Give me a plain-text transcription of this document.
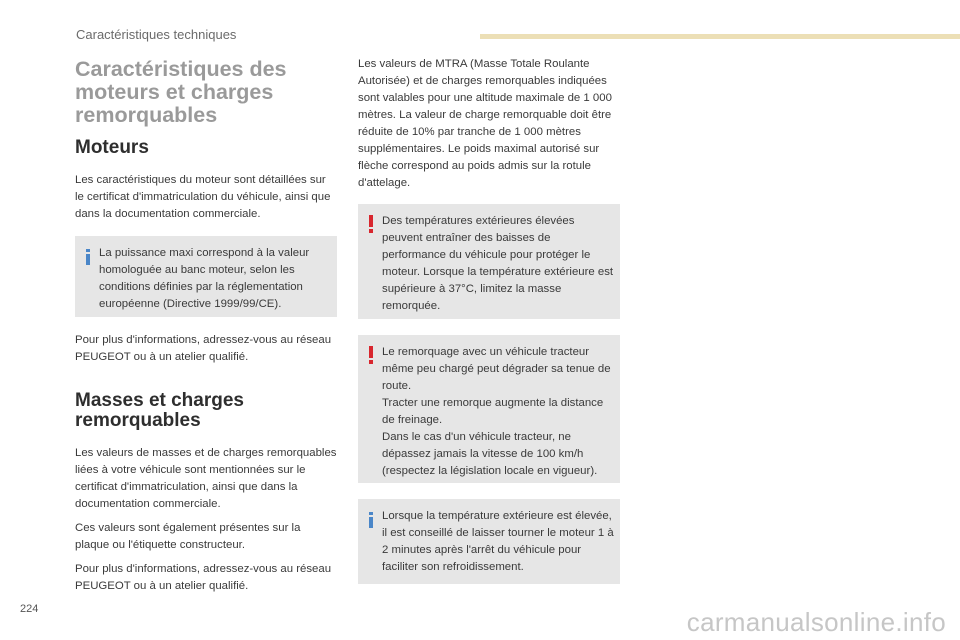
Caractéristiques techniques
Caractéristiques des
moteurs et charges
remorquables
Moteurs

Les caractéristiques du moteur sont détaillées sur le certificat d'immatriculation du véhicule, ainsi que dans la documentation commerciale.

La puissance maxi correspond à la valeur homologuée au banc moteur, selon les conditions définies par la réglementation européenne (Directive 1999/99/CE).

Pour plus d'informations, adressez-vous au réseau PEUGEOT ou à un atelier qualifié.

Masses et charges
remorquables

Les valeurs de masses et de charges remorquables liées à votre véhicule sont mentionnées sur le certificat d'immatriculation, ainsi que dans la documentation commerciale.

Ces valeurs sont également présentes sur la plaque ou l'étiquette constructeur.

Pour plus d'informations, adressez-vous au réseau PEUGEOT ou à un atelier qualifié.

Les valeurs de MTRA (Masse Totale Roulante Autorisée) et de charges remorquables indiquées sont valables pour une altitude maximale de 1 000 mètres. La valeur de charge remorquable doit être réduite de 10% par tranche de 1 000 mètres supplémentaires. Le poids maximal autorisé sur flèche correspond au poids admis sur la rotule d'attelage.

Des températures extérieures élevées peuvent entraîner des baisses de performance du véhicule pour protéger le moteur. Lorsque la température extérieure est supérieure à 37°C, limitez la masse remorquée.
Le remorquage avec un véhicule tracteur même peu chargé peut dégrader sa tenue de route.
Tracter une remorque augmente la distance de freinage.
Dans le cas d'un véhicule tracteur, ne dépassez jamais la vitesse de 100 km/h (respectez la législation locale en vigueur).
Lorsque la température extérieure est élevée, il est conseillé de laisser tourner le moteur 1 à 2 minutes après l'arrêt du véhicule pour faciliter son refroidissement.
224	carmanualsonline.info
